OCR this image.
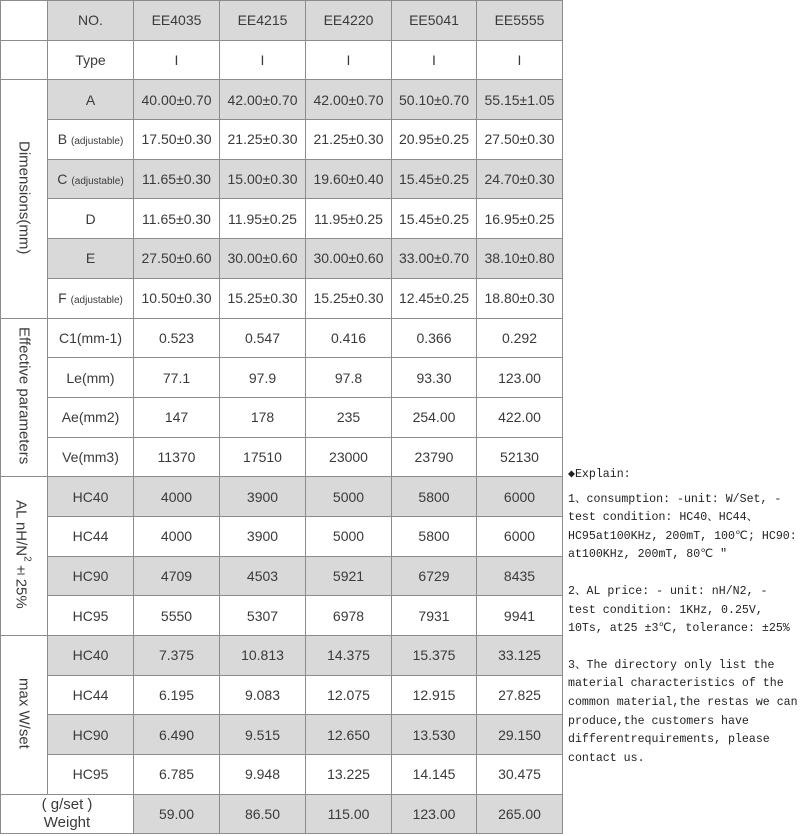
	NO.	EE4035	EE4215	EE4220	EE5041	EE5555
	Type	I	I	I	I	I
Dimensions(mm)	A	40.00±0.70	42.00±0.70	42.00±0.70	50.10±0.70	55.15±1.05
	B (adjustable)	17.50±0.30	21.25±0.30	21.25±0.30	20.95±0.25	27.50±0.30
	C (adjustable)	11.65±0.30	15.00±0.30	19.60±0.40	15.45±0.25	24.70±0.30
	D	11.65±0.30	11.95±0.25	11.95±0.25	15.45±0.25	16.95±0.25
	E	27.50±0.60	30.00±0.60	30.00±0.60	33.00±0.70	38.10±0.80
	F (adjustable)	10.50±0.30	15.25±0.30	15.25±0.30	12.45±0.25	18.80±0.30
Effective parameters	C1(mm-1)	0.523	0.547	0.416	0.366	0.292
	Le(mm)	77.1	97.9	97.8	93.30	123.00
	Ae(mm2)	147	178	235	254.00	422.00
	Ve(mm3)	11370	17510	23000	23790	52130
AL $nH/N^2\pm 25\%$	HC40	4000	3900	5000	5800	6000
	HC44	4000	3900	5000	5800	6000
	HC90	4709	4503	5921	6729	8435
	HC95	5550	5307	6978	7931	9941
max W/set	HC40	7.375	10.813	14.375	15.375	33.125
	HC44	6.195	9.083	12.075	12.915	27.825
	HC90	6.490	9.515	12.650	13.530	29.150
	HC95	6.785	9.948	13.225	14.145	30.475

( g/set )
Weight		59.00	86.50	115.00	123.00	265.00

◆Explain:

1、consumption: -unit: W/Set, - test condition: HC40、HC44、HC95at100KHz, 200mT, 100℃; HC90: at100KHz, 200mT, 80℃ ″

2、AL price: - unit: nH/N2, - test condition: 1KHz, 0.25V, 10Ts, at25 ±3℃, tolerance: ±25%

3、The directory only list the material characteristics of the common material,the restas we can produce,the customers have differentrequirements, please contact us.
